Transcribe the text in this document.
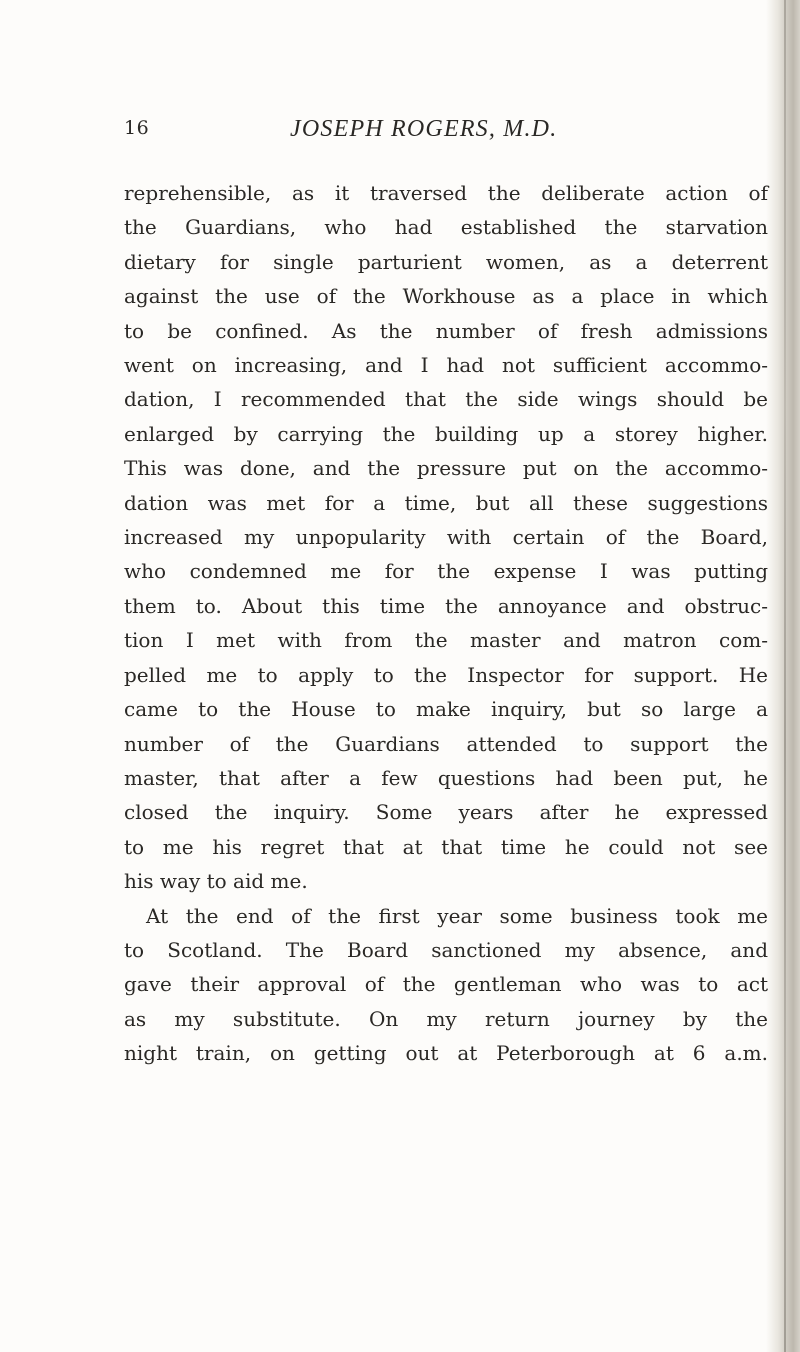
16	JOSEPH ROGERS, M.D.
reprehensible, as it traversed the deliberate action of
the Guardians, who had established the starvation
dietary for single parturient women, as a deterrent
against the use of the Workhouse as a place in which
to be confined. As the number of fresh admissions
went on increasing, and I had not sufficient accommo-
dation, I recommended that the side wings should be
enlarged by carrying the building up a storey higher.
This was done, and the pressure put on the accommo-
dation was met for a time, but all these suggestions
increased my unpopularity with certain of the Board,
who condemned me for the expense I was putting
them to. About this time the annoyance and obstruc-
tion I met with from the master and matron com-
pelled me to apply to the Inspector for support. He
came to the House to make inquiry, but so large a
number of the Guardians attended to support the
master, that after a few questions had been put, he
closed the inquiry. Some years after he expressed
to me his regret that at that time he could not see
his way to aid me.
At the end of the first year some business took me
to Scotland. The Board sanctioned my absence, and
gave their approval of the gentleman who was to act
as my substitute. On my return journey by the
night train, on getting out at Peterborough at 6 a.m.
